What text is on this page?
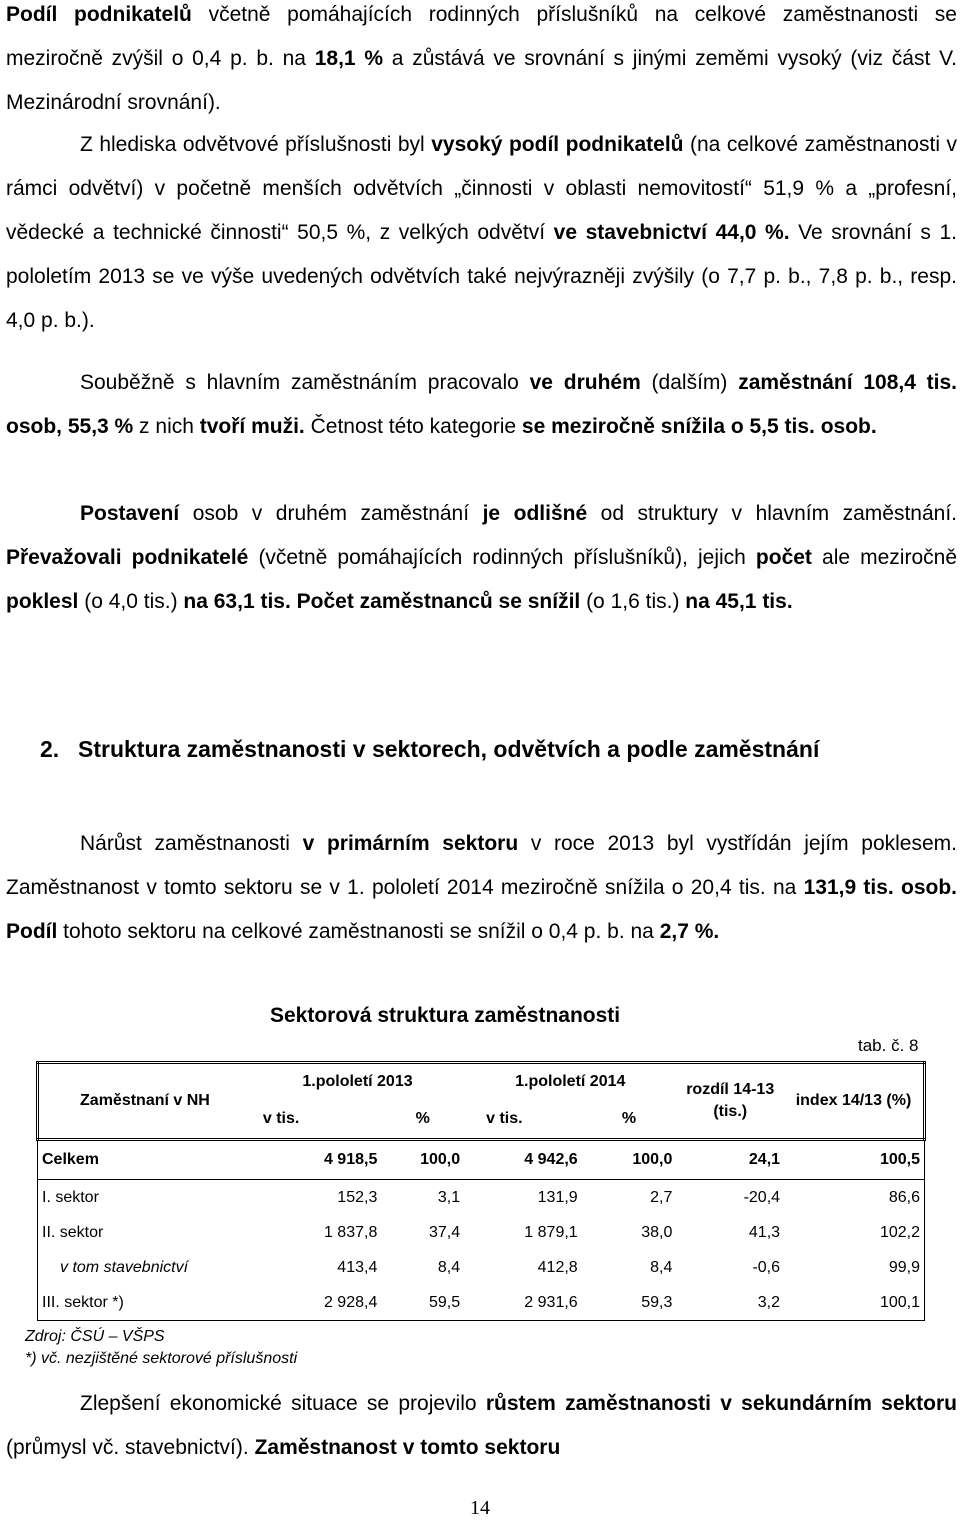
Podíl podnikatelů včetně pomáhajících rodinných příslušníků na celkové zaměstnanosti se meziročně zvýšil o 0,4 p. b. na 18,1 % a zůstává ve srovnání s jinými zeměmi vysoký (viz část V. Mezinárodní srovnání).

Z hlediska odvětvové příslušnosti byl vysoký podíl podnikatelů (na celkové zaměstnanosti v rámci odvětví) v početně menších odvětvích „činnosti v oblasti nemovitostí“ 51,9 % a „profesní, vědecké a technické činnosti“ 50,5 %, z velkých odvětví ve stavebnictví 44,0 %. Ve srovnání s 1. pololetím 2013 se ve výše uvedených odvětvích také nejvýrazněji zvýšily (o 7,7 p. b., 7,8 p. b., resp. 4,0 p. b.).

Souběžně s hlavním zaměstnáním pracovalo ve druhém (dalším) zaměstnání 108,4 tis. osob, 55,3 % z nich tvoří muži. Četnost této kategorie se meziročně snížila o 5,5 tis. osob.

Postavení osob v druhém zaměstnání je odlišné od struktury v hlavním zaměstnání. Převažovali podnikatelé (včetně pomáhajících rodinných příslušníků), jejich počet ale meziročně poklesl (o 4,0 tis.) na 63,1 tis. Počet zaměstnanců se snížil (o 1,6 tis.) na 45,1 tis.

2. Struktura zaměstnanosti v sektorech, odvětvích a podle zaměstnání

Nárůst zaměstnanosti v primárním sektoru v roce 2013 byl vystřídán jejím poklesem. Zaměstnanost v tomto sektoru se v 1. pololetí 2014 meziročně snížila o 20,4 tis. na 131,9 tis. osob. Podíl tohoto sektoru na celkové zaměstnanosti se snížil o 0,4 p. b. na 2,7 %.

Sektorová struktura zaměstnanosti

tab. č. 8

Zaměstnaní v NH	1.pololetí 2013		1.pololetí 2014		rozdíl 14-13 (tis.)	index 14/13 (%)
	v tis.	%	v tis.	%		
Celkem	4 918,5	100,0	4 942,6	100,0	24,1	100,5
I. sektor	152,3	3,1	131,9	2,7	-20,4	86,6
II. sektor	1 837,8	37,4	1 879,1	38,0	41,3	102,2
v tom stavebnictví	413,4	8,4	412,8	8,4	-0,6	99,9
III. sektor *)	2 928,4	59,5	2 931,6	59,3	3,2	100,1
Zdroj: ČSÚ – VŠPS
*) vč. nezjištěné sektorové příslušnosti

Zlepšení ekonomické situace se projevilo růstem zaměstnanosti v sekundárním sektoru (průmysl vč. stavebnictví). Zaměstnanost v tomto sektoru

14
